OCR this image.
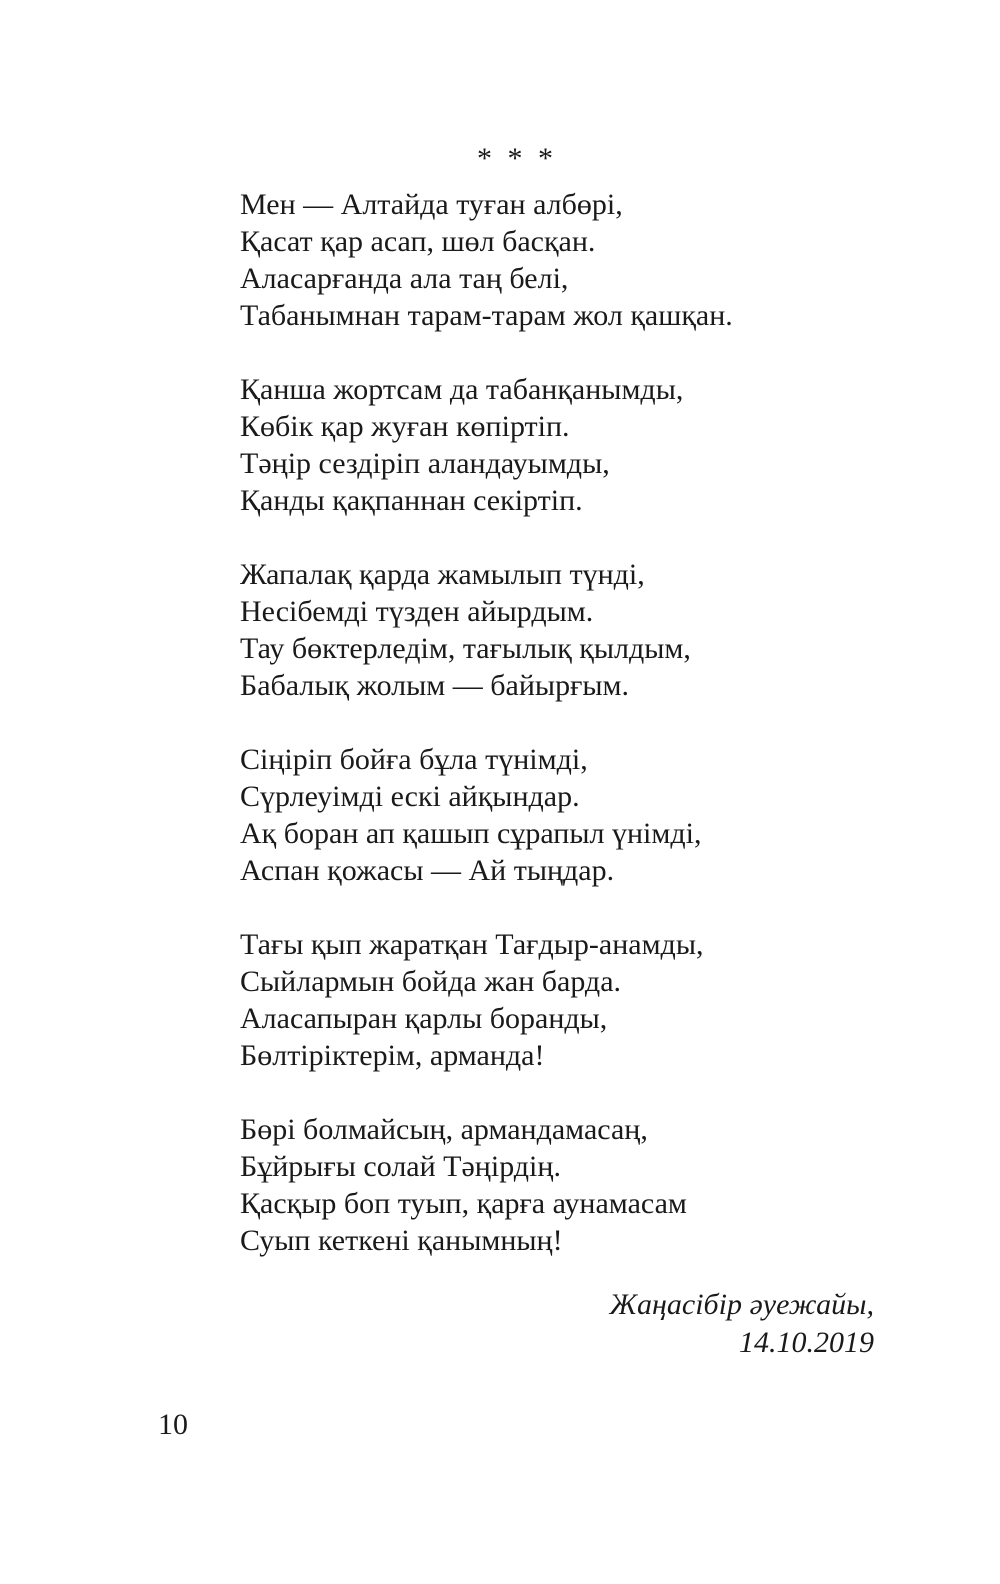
* * *
Мен — Алтайда туған албөрі,
Қасат қар асап, шөл басқан.
Аласарғанда ала таң белі,
Табанымнан тарам-тарам жол қашқан.
Қанша жортсам да табанқанымды,
Көбік қар жуған көпіртіп.
Тәңір сездіріп аландауымды,
Қанды қақпаннан секіртіп.
Жапалақ қарда жамылып түнді,
Несібемді түзден айырдым.
Тау бөктерледім, тағылық қылдым,
Бабалық жолым — байырғым.
Сіңіріп бойға бұла түнімді,
Сүрлеуімді ескі айқындар.
Ақ боран ап қашып сұрапыл үнімді,
Аспан қожасы — Ай тыңдар.
Тағы қып жаратқан Тағдыр-анамды,
Сыйлармын бойда жан барда.
Аласапыран қарлы боранды,
Бөлтіріктерім, арманда!
Бөрі болмайсың, армандамасаң,
Бұйрығы солай Тәңірдің.
Қасқыр боп туып, қарға аунамасам
Суып кеткені қанымның!
Жаңасібір әуежайы,
14.10.2019
10
